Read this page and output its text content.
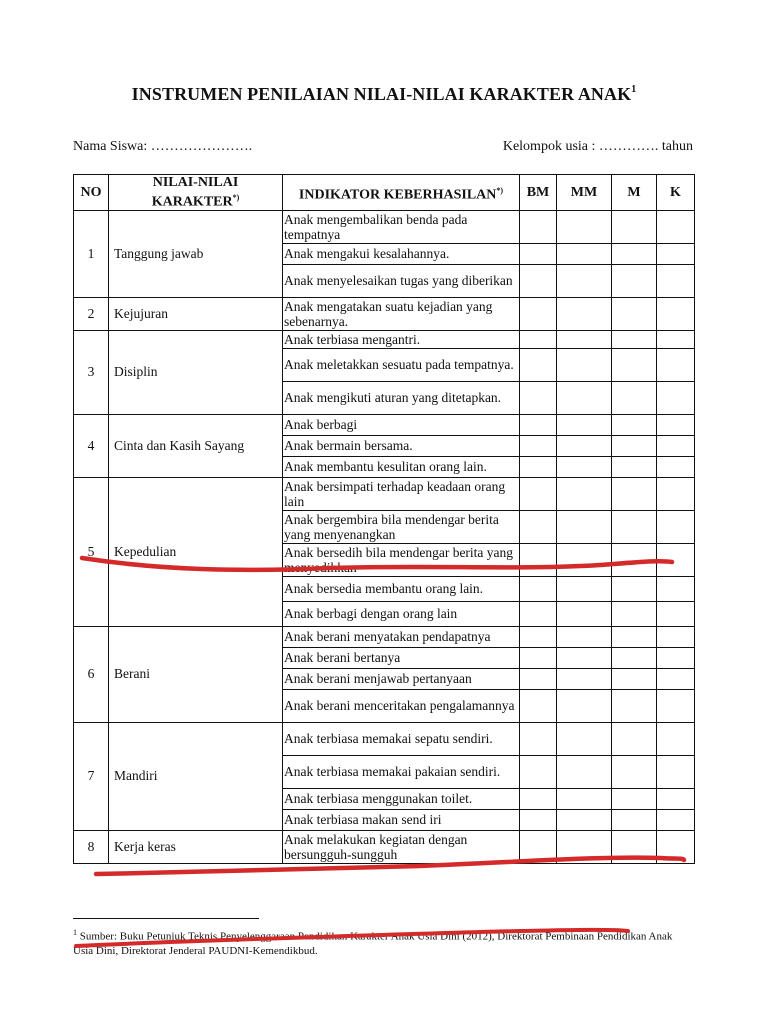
INSTRUMEN PENILAIAN NILAI-NILAI KARAKTER ANAK$^1$
Nama Siswa: ………………….	Kelompok usia : …………. tahun
NO	NILAI-NILAI KARAKTER*)	INDIKATOR KEBERHASILAN*)	BM	MM	M	K
1	Tanggung jawab	Anak mengembalikan benda pada tempatnya				
		Anak mengakui kesalahannya.				
		Anak menyelesaikan tugas yang diberikan				
2	Kejujuran	Anak mengatakan suatu kejadian yang sebenarnya.				
3	Disiplin	Anak terbiasa mengantri.				
		Anak meletakkan sesuatu pada tempatnya.				
		Anak mengikuti aturan yang ditetapkan.				
4	Cinta dan Kasih Sayang	Anak berbagi				
		Anak bermain bersama.				
		Anak membantu kesulitan orang lain.				
5	Kepedulian	Anak bersimpati terhadap keadaan orang lain				
		Anak bergembira bila mendengar berita yang menyenangkan				
		Anak bersedih bila mendengar berita yang menyedihkan				
		Anak bersedia membantu orang lain.				
		Anak berbagi dengan orang lain				
6	Berani	Anak berani menyatakan pendapatnya				
		Anak berani bertanya				
		Anak berani menjawab pertanyaan				
		Anak berani menceritakan pengalamannya				
7	Mandiri	Anak terbiasa memakai sepatu sendiri.				
		Anak terbiasa memakai pakaian sendiri.				
		Anak terbiasa menggunakan toilet.				
		Anak terbiasa makan send iri				
8	Kerja keras	Anak melakukan kegiatan dengan bersungguh-sungguh				
$^1$ Sumber: Buku Petunjuk Teknis Penyelenggaraan Pendidikan Karakter Anak Usia Dini (2012), Direktorat Pembinaan Pendidikan Anak Usia Dini, Direktorat Jenderal PAUDNI-Kemendikbud.
